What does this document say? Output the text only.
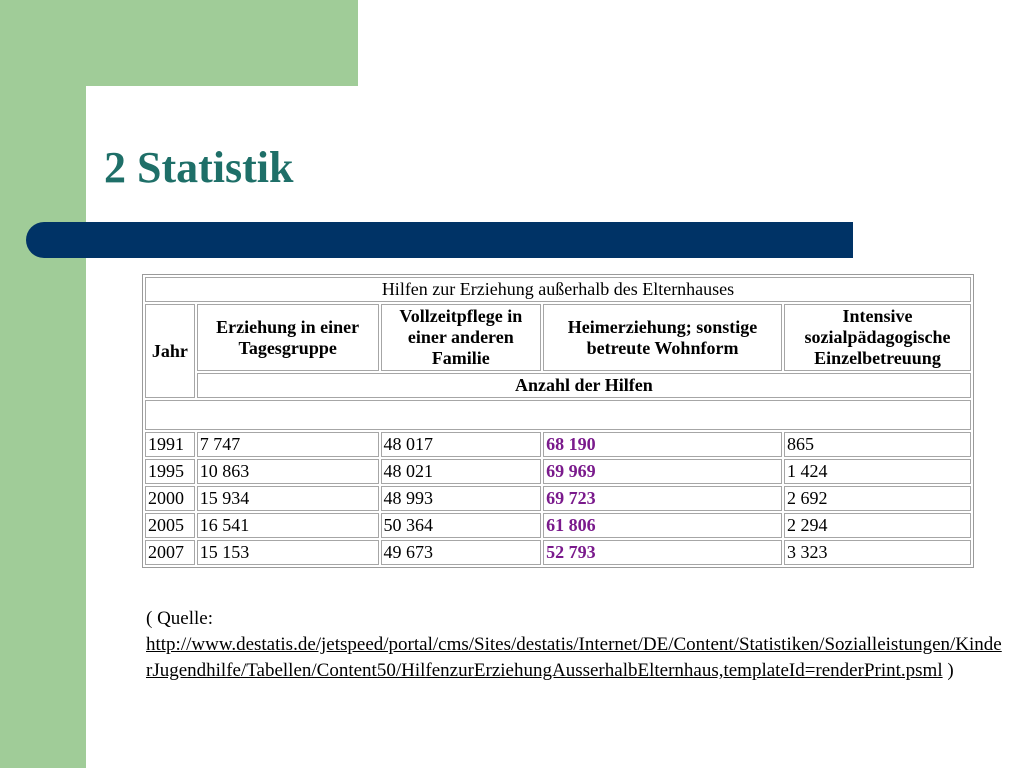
2 Statistik
Hilfen zur Erziehung außerhalb des Elternhauses				
Jahr	Erziehung in einer Tagesgruppe	Vollzeitpflege in einer anderen Familie	Heimerziehung; sonstige betreute Wohnform	Intensive sozialpädagogische Einzelbetreuung
	Anzahl der Hilfen			

1991	7 747	48 017	68 190	865
1995	10 863	48 021	69 969	1 424
2000	15 934	48 993	69 723	2 692
2005	16 541	50 364	61 806	2 294
2007	15 153	49 673	52 793	3 323
( Quelle:
http://www.destatis.de/jetspeed/portal/cms/Sites/destatis/Internet/DE/Content/Statistiken/Sozialleistungen/KinderJugendhilfe/Tabellen/Content50/HilfenzurErziehungAusserhalbElternhaus,templateId=renderPrint.psml )
